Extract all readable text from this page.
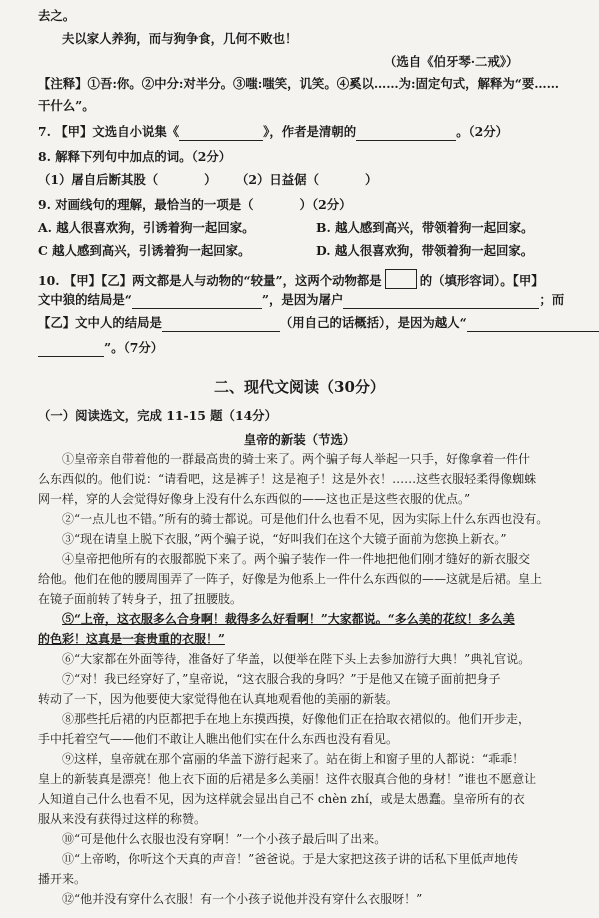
去之。
夫以家人养狗，而与狗争食，几何不败也！
（选自《伯牙琴·二戒》）
【注释】①吾:你。②中分:对半分。③嗤:嗤笑，讥笑。④奚以……为:固定句式，解释为“要……
干什么”。
7. 【甲】文选自小说集《	》，作者是清朝的	。（2分）
8. 解释下列句中加点的词。（2分）
（1）屠自后断其股（	） （2）日益倨（	）
9. 对画线句的理解，最恰当的一项是（	）（2分）
A. 越人很喜欢狗，引诱着狗一起回家。	B. 越人感到高兴，带领着狗一起回家。
C 越人感到高兴，引诱着狗一起回家。	D. 越人很喜欢狗，带领着狗一起回家。
10. 【甲】【乙】两文都是人与动物的“较量”，这两个动物都是	的（填形容词）。【甲】
文中狼的结局是“	”，是因为屠户	；而
【乙】文中人的结局是	（用自己的话概括），是因为越人“
”。（7分）
二、现代文阅读（30分）
（一）阅读选文，完成 11-15 题（14分）
皇帝的新装（节选）
①皇帝亲自带着他的一群最高贵的骑士来了。两个骗子每人举起一只手，好像拿着一件什
么东西似的。他们说：“请看吧，这是裤子！这是袍子！这是外衣！……这些衣服轻柔得像蜘蛛
网一样，穿的人会觉得好像身上没有什么东西似的——这也正是这些衣服的优点。”
②“一点儿也不错。”所有的骑士都说。可是他们什么也看不见，因为实际上什么东西也没有。
③“现在请皇上脱下衣服，”两个骗子说，“好叫我们在这个大镜子面前为您换上新衣。”
④皇帝把他所有的衣服都脱下来了。两个骗子装作一件一件地把他们刚才缝好的新衣服交
给他。他们在他的腰周围弄了一阵子，好像是为他系上一件什么东西似的——这就是后裙。皇上
在镜子面前转了转身子，扭了扭腰肢。
⑤“上帝，这衣服多么合身啊！裁得多么好看啊！”大家都说。“多么美的花纹！多么美
的色彩！这真是一套贵重的衣服！”
⑥“大家都在外面等待，准备好了华盖，以便举在陛下头上去参加游行大典！”典礼官说。
⑦“对！我已经穿好了，”皇帝说，“这衣服合我的身吗？”于是他又在镜子面前把身子
转动了一下，因为他要使大家觉得他在认真地观看他的美丽的新装。
⑧那些托后裙的内臣都把手在地上东摸西摸，好像他们正在拾取衣裙似的。他们开步走，
手中托着空气——他们不敢让人瞧出他们实在什么东西也没有看见。
⑨这样，皇帝就在那个富丽的华盖下游行起来了。站在街上和窗子里的人都说：“乖乖！
皇上的新装真是漂亮！他上衣下面的后裙是多么美丽！这件衣服真合他的身材！”谁也不愿意让
人知道自己什么也看不见，因为这样就会显出自己不 chèn zhí，或是太愚蠢。皇帝所有的衣
服从来没有获得过这样的称赞。
⑩“可是他什么衣服也没有穿啊！”一个小孩子最后叫了出来。
⑪“上帝哟，你听这个天真的声音！”爸爸说。于是大家把这孩子讲的话私下里低声地传
播开来。
⑫“他并没有穿什么衣服！有一个小孩子说他并没有穿什么衣服呀！”
